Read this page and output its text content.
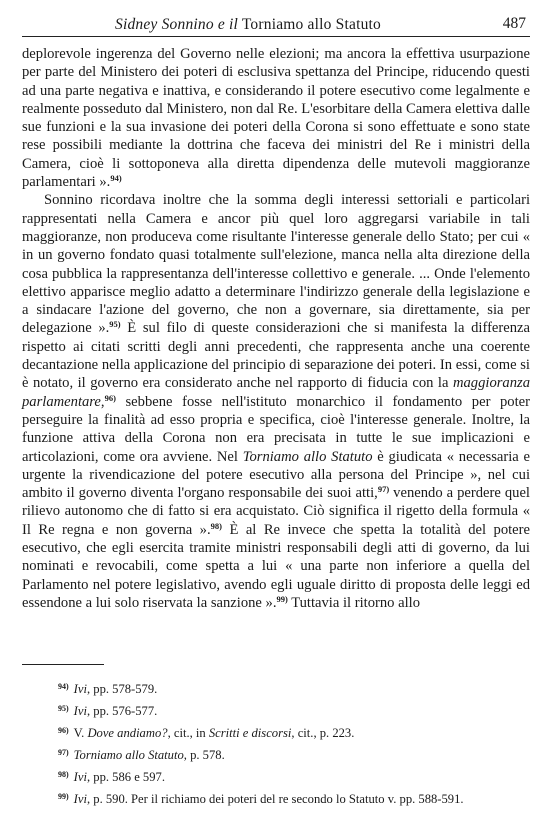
Sidney Sonnino e il Torniamo allo Statuto	487

deplorevole ingerenza del Governo nelle elezioni; ma ancora la effettiva usurpazione per parte del Ministero dei poteri di esclusiva spettanza del Principe, riducendo questi ad una parte negativa e inattiva, e considerando il potere esecutivo come legalmente e realmente posseduto dal Ministero, non dal Re. L'esorbitare della Camera elettiva dalle sue funzioni e la sua invasione dei poteri della Corona si sono effettuate e sono state rese possibili mediante la dottrina che faceva dei ministri del Re i ministri della Camera, cioè li sottoponeva alla diretta dipendenza delle mutevoli maggioranze parlamentari ».$^{94)}$

Sonnino ricordava inoltre che la somma degli interessi settoriali e particolari rappresentati nella Camera e ancor più quel loro aggregarsi variabile in tali maggioranze, non produceva come risultante l'interesse generale dello Stato; per cui « in un governo fondato quasi totalmente sull'elezione, manca nella alta direzione della cosa pubblica la rappresentanza dell'interesse collettivo e generale. ... Onde l'elemento elettivo apparisce meglio adatto a determinare l'indirizzo generale della legislazione e a sindacare l'azione del governo, che non a governare, sia direttamente, sia per delegazione ».$^{95)}$ È sul filo di queste considerazioni che si manifesta la differenza rispetto ai citati scritti degli anni precedenti, che rappresenta anche una coerente decantazione nella applicazione del principio di separazione dei poteri. In essi, come si è notato, il governo era considerato anche nel rapporto di fiducia con la maggioranza parlamentare,$^{96)}$ sebbene fosse nell'istituto monarchico il fondamento per poter perseguire la finalità ad esso propria e specifica, cioè l'interesse generale. Inoltre, la funzione attiva della Corona non era precisata in tutte le sue implicazioni e articolazioni, come ora avviene. Nel Torniamo allo Statuto è giudicata « necessaria e urgente la rivendicazione del potere esecutivo alla persona del Principe », nel cui ambito il governo diventa l'organo responsabile dei suoi atti,$^{97)}$ venendo a perdere quel rilievo autonomo che di fatto si era acquistato. Ciò significa il rigetto della formula « Il Re regna e non governa ».$^{98)}$ È al Re invece che spetta la totalità del potere esecutivo, che egli esercita tramite ministri responsabili degli atti di governo, da lui nominati e revocabili, come spetta a lui « una parte non inferiore a quella del Parlamento nel potere legislativo, avendo egli uguale diritto di proposta delle leggi ed essendone a lui solo riservata la sanzione ».$^{99)}$ Tuttavia il ritorno allo

$^{94)}$ Ivi, pp. 578-579.
$^{95)}$ Ivi, pp. 576-577.
$^{96)}$ V. Dove andiamo?, cit., in Scritti e discorsi, cit., p. 223.
$^{97)}$ Torniamo allo Statuto, p. 578.
$^{98)}$ Ivi, pp. 586 e 597.
$^{99)}$ Ivi, p. 590. Per il richiamo dei poteri del re secondo lo Statuto v. pp. 588-591.
